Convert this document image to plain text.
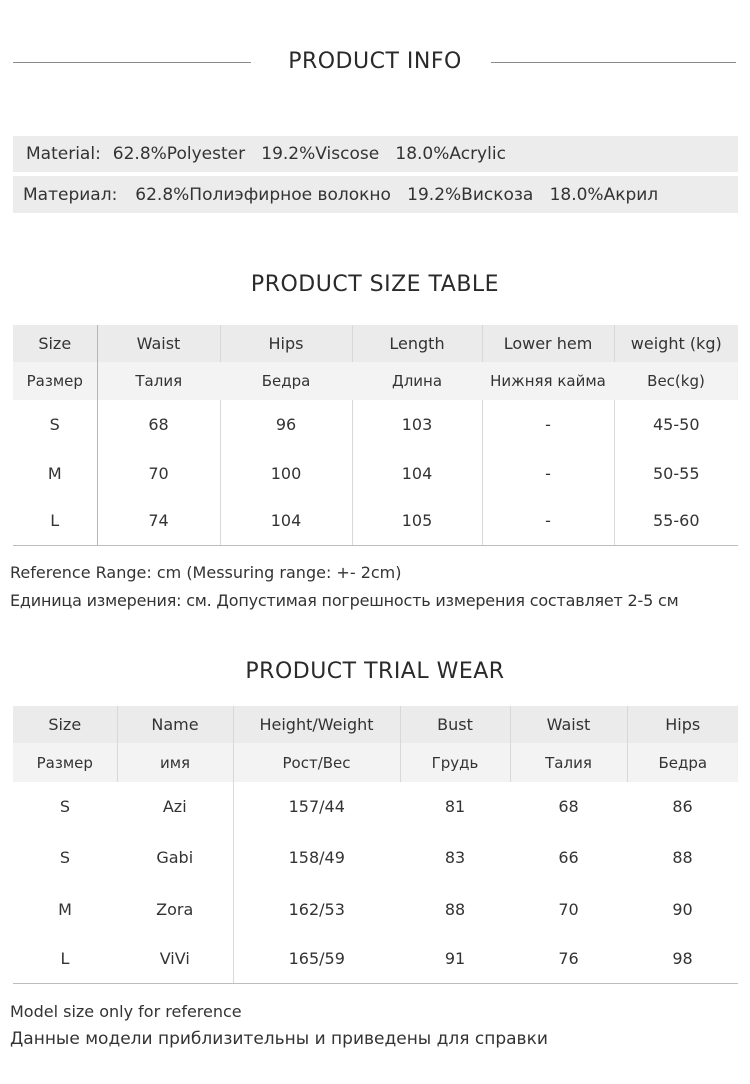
PRODUCT INFO
Material: 62.8%Polyester   19.2%Viscose   18.0%Acrylic
Материал: 62.8%Полиэфирное волокно   19.2%Вискоза   18.0%Акрил
PRODUCT SIZE TABLE
Size	Waist	Hips	Length	Lower hem	weight (kg)
Размер	Талия	Бедра	Длина	Нижняя кайма	Вес(kg)
S	68	96	103	-	45-50
M	70	100	104	-	50-55
L	74	104	105	-	55-60
Reference Range: cm (Messuring range: +- 2cm)
Единица измерения: см. Допустимая погрешность измерения составляет 2-5 см
PRODUCT TRIAL WEAR
Size	Name	Height/Weight	Bust	Waist	Hips
Размер	имя	Рост/Вес	Грудь	Талия	Бедра
S	Azi	157/44	81	68	86
S	Gabi	158/49	83	66	88
M	Zora	162/53	88	70	90
L	ViVi	165/59	91	76	98
Model size only for reference
Данные модели приблизительны и приведены для справки
